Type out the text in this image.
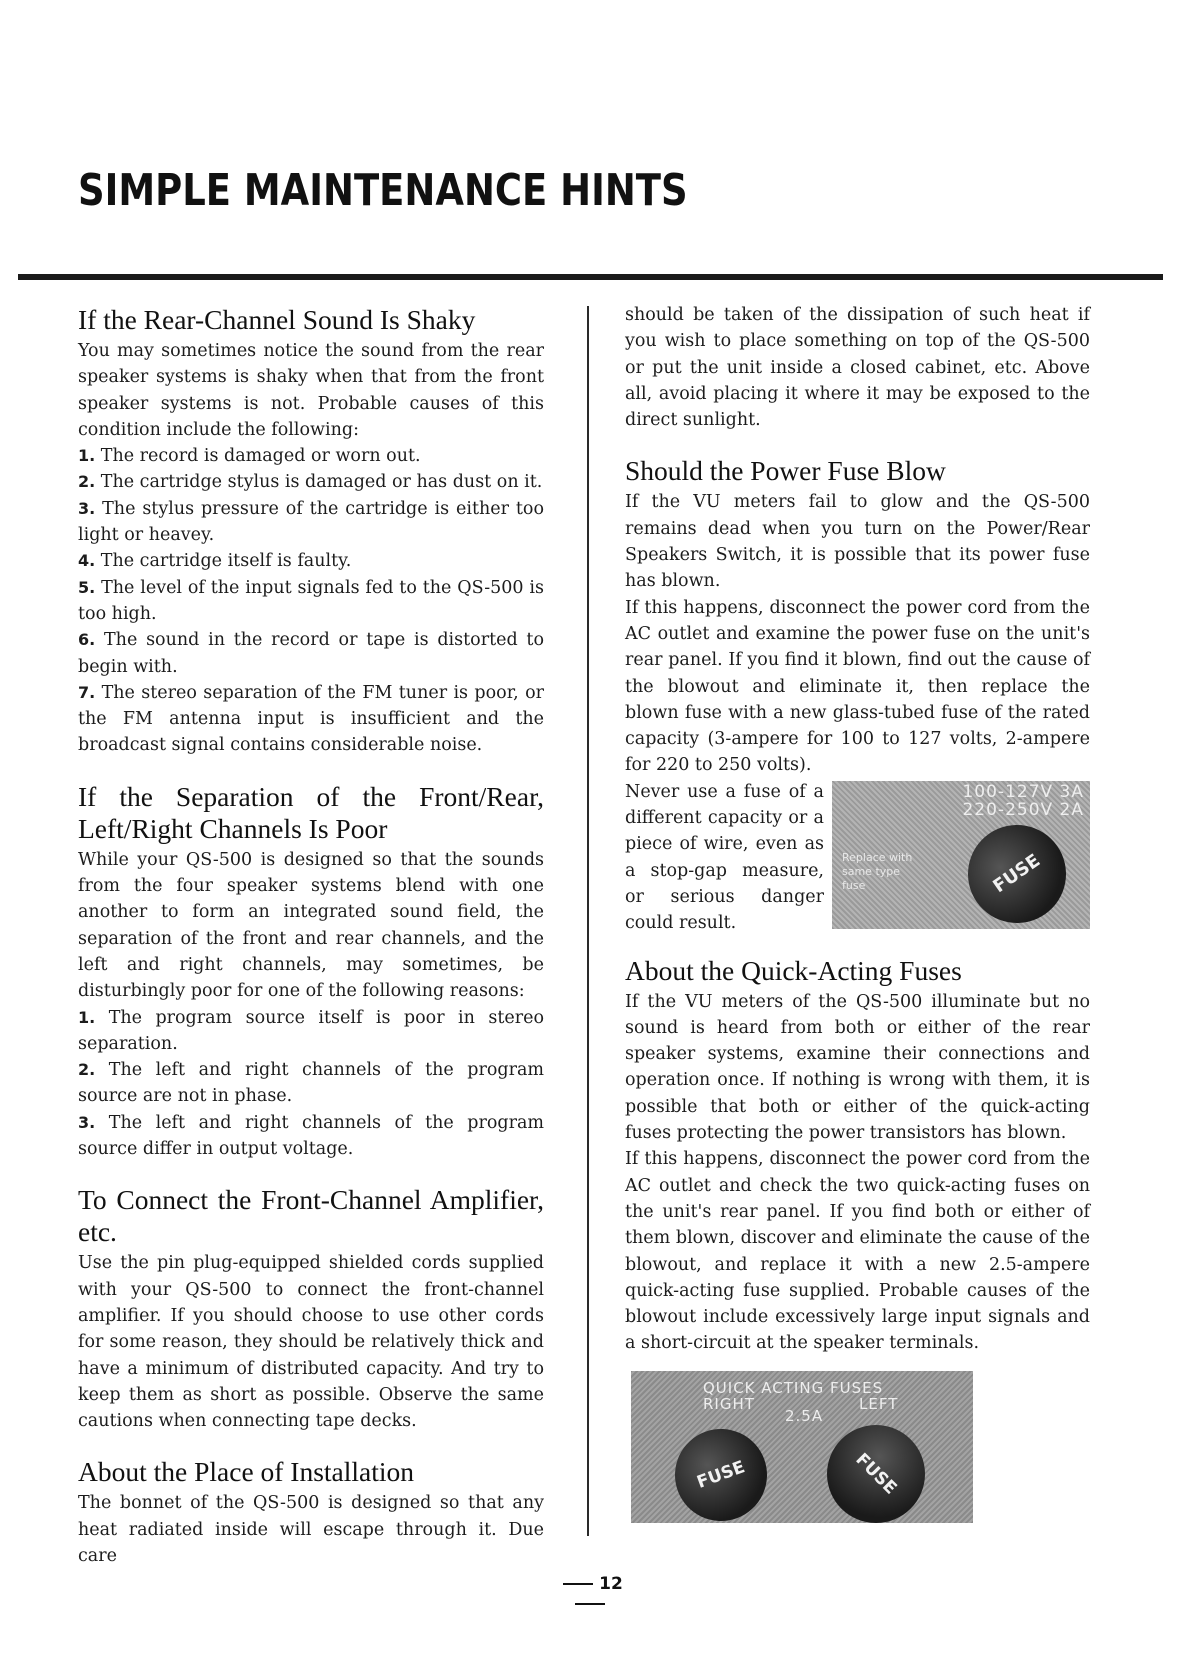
SIMPLE MAINTENANCE HINTS
If the Rear-Channel Sound Is Shaky

You may sometimes notice the sound from the rear speaker systems is shaky when that from the front speaker systems is not. Probable causes of this condition include the following:

1. The record is damaged or worn out.

2. The cartridge stylus is damaged or has dust on it.

3. The stylus pressure of the cartridge is either too light or heavey.

4. The cartridge itself is faulty.

5. The level of the input signals fed to the QS-500 is too high.

6. The sound in the record or tape is distorted to begin with.

7. The stereo separation of the FM tuner is poor, or the FM antenna input is insufficient and the broadcast signal contains considerable noise.

If the Separation of the Front/Rear, Left/Right Channels Is Poor

While your QS-500 is designed so that the sounds from the four speaker systems blend with one another to form an integrated sound field, the separation of the front and rear channels, and the left and right channels, may sometimes, be disturbingly poor for one of the following reasons:

1. The program source itself is poor in stereo separation.

2. The left and right channels of the program source are not in phase.

3. The left and right channels of the program source differ in output voltage.

To Connect the Front-Channel Amplifier, etc.

Use the pin plug-equipped shielded cords supplied with your QS-500 to connect the front-channel amplifier. If you should choose to use other cords for some reason, they should be relatively thick and have a minimum of distributed capacity. And try to keep them as short as possible. Observe the same cautions when connecting tape decks.

About the Place of Installation

The bonnet of the QS-500 is designed so that any heat radiated inside will escape through it. Due care

should be taken of the dissipation of such heat if you wish to place something on top of the QS-500 or put the unit inside a closed cabinet, etc. Above all, avoid placing it where it may be exposed to the direct sunlight.

Should the Power Fuse Blow

If the VU meters fail to glow and the QS-500 remains dead when you turn on the Power/Rear Speakers Switch, it is possible that its power fuse has blown.

If this happens, disconnect the power cord from the AC outlet and examine the power fuse on the unit's rear panel. If you find it blown, find out the cause of the blowout and eliminate it, then replace the blown fuse with a new glass-tubed fuse of the rated capacity (3-ampere for 100 to 127 volts, 2-ampere for 220 to 250 volts).

100-127V 3A
220-250V 2A
Replace with
same type
fuse	FUSE

Never use a fuse of a different capacity or a piece of wire, even as a stop-gap measure, or serious danger could result.

About the Quick-Acting Fuses

If the VU meters of the QS-500 illuminate but no sound is heard from both or either of the rear speaker systems, examine their connections and operation once. If nothing is wrong with them, it is possible that both or either of the quick-acting fuses protecting the power transistors has blown.

If this happens, disconnect the power cord from the AC outlet and check the two quick-acting fuses on the unit's rear panel. If you find both or either of them blown, discover and eliminate the cause of the blowout, and replace it with a new 2.5-ampere quick-acting fuse supplied. Probable causes of the blowout include excessively large input signals and a short-circuit at the speaker terminals.

QUICK ACTING FUSES
RIGHT	LEFT
2.5A
FUSE	FUSE
12
